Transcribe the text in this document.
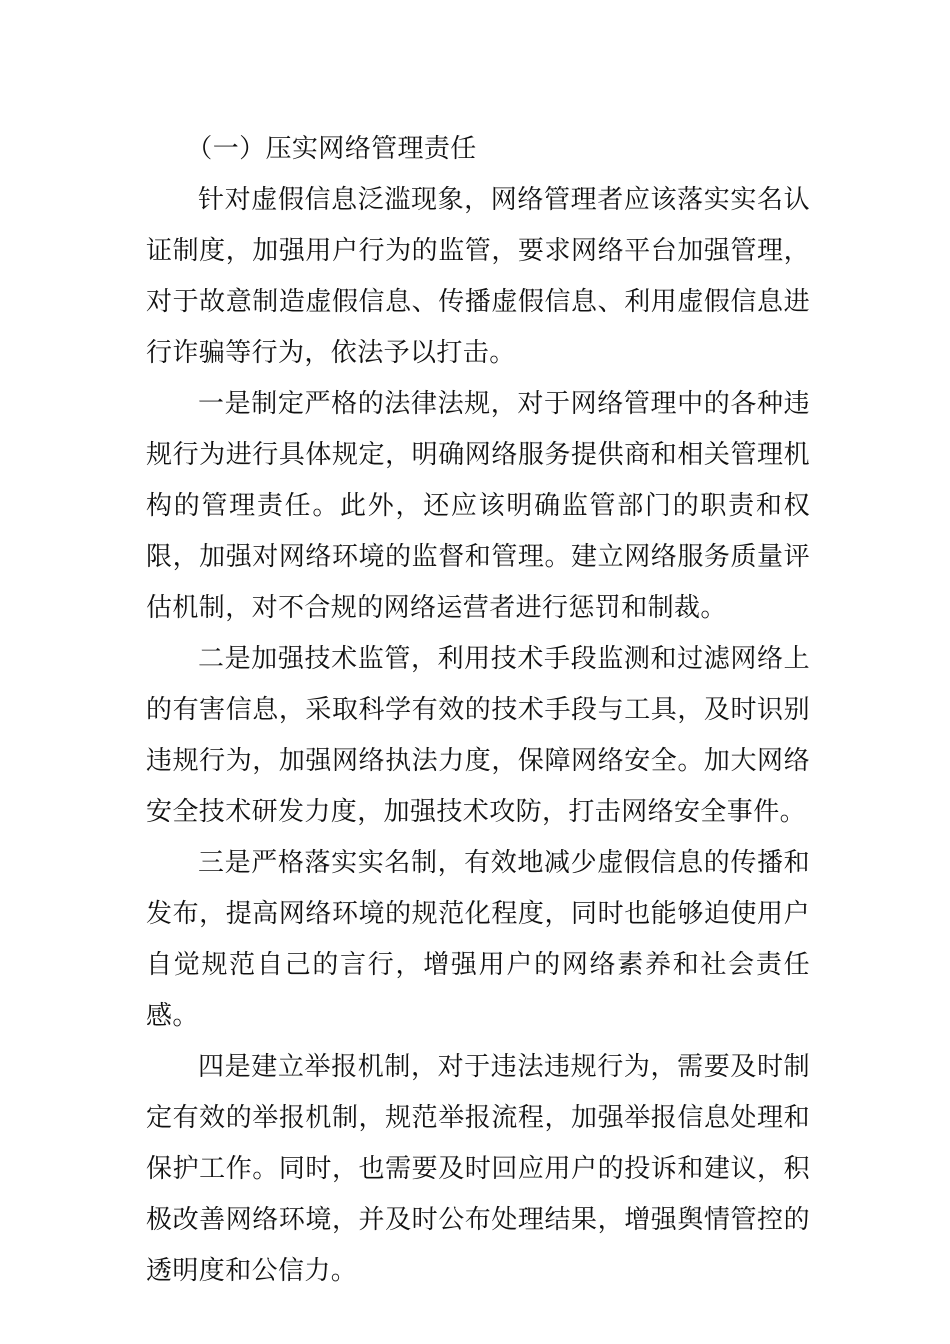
（一）压实网络管理责任

针对虚假信息泛滥现象，网络管理者应该落实实名认证制度，加强用户行为的监管，要求网络平台加强管理，对于故意制造虚假信息、传播虚假信息、利用虚假信息进行诈骗等行为，依法予以打击。

一是制定严格的法律法规，对于网络管理中的各种违规行为进行具体规定，明确网络服务提供商和相关管理机构的管理责任。此外，还应该明确监管部门的职责和权限，加强对网络环境的监督和管理。建立网络服务质量评估机制，对不合规的网络运营者进行惩罚和制裁。

二是加强技术监管，利用技术手段监测和过滤网络上的有害信息，采取科学有效的技术手段与工具，及时识别违规行为，加强网络执法力度，保障网络安全。加大网络安全技术研发力度，加强技术攻防，打击网络安全事件。

三是严格落实实名制，有效地减少虚假信息的传播和发布，提高网络环境的规范化程度，同时也能够迫使用户自觉规范自己的言行，增强用户的网络素养和社会责任感。

四是建立举报机制，对于违法违规行为，需要及时制定有效的举报机制，规范举报流程，加强举报信息处理和保护工作。同时，也需要及时回应用户的投诉和建议，积极改善网络环境，并及时公布处理结果，增强舆情管控的透明度和公信力。
